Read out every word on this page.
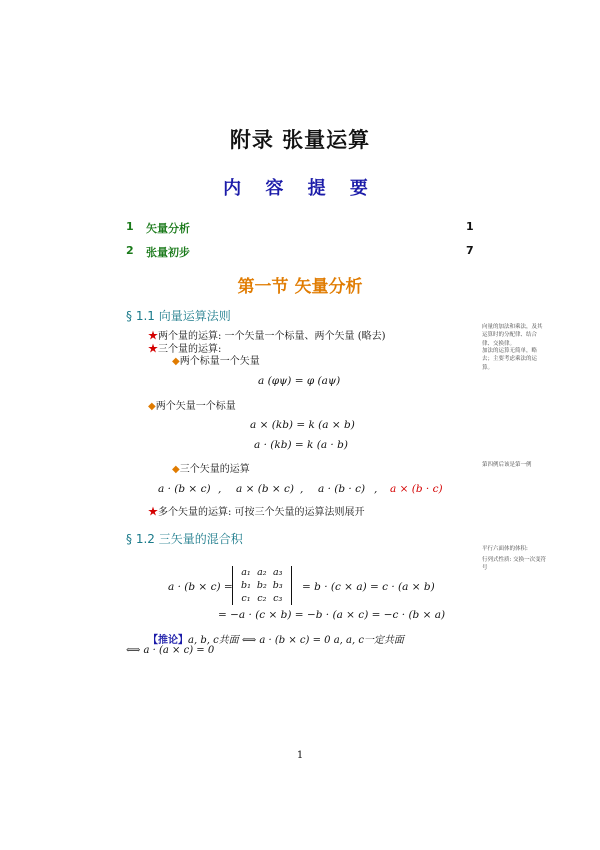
附录 张量运算
内 容 提 要
1 矢量分析	1
2 张量初步	7
第一节 矢量分析
§ 1.1 向量运算法则
★两个量的运算: 一个矢量一个标量、两个矢量 (略去)
★三个量的运算:
◆两个标量一个矢量
a (φψ) = φ (aψ)
◆两个矢量一个标量
a × (kb) = k (a × b)
a · (kb) = k (a · b)
◆三个矢量的运算
a · (b × c) , a × (b × c) , a · (b · c) , a × (b · c)
★多个矢量的运算: 可按三个矢量的运算法则展开
§ 1.2 三矢量的混合积
a · (b × c) =
a₁	a₂	a₃
b₁	b₂	b₃
c₁	c₂	c₃
= b · (c × a) = c · (a × b)
= −a · (c × b) = −b · (a × c) = −c · (b × a)
【推论】a, b, c共面 ⟺ a · (b × c) = 0 a, a, c一定共面
⟺ a · (a × c) = 0
向量的加法和乘法，及其运算时的分配律、结合律、交换律。
加法的运算无简单，略去；主要考虑乘法的运算。
第四例后该是第一例
平行六面体的体积:
行列式性质: 交换一次变符号
1
